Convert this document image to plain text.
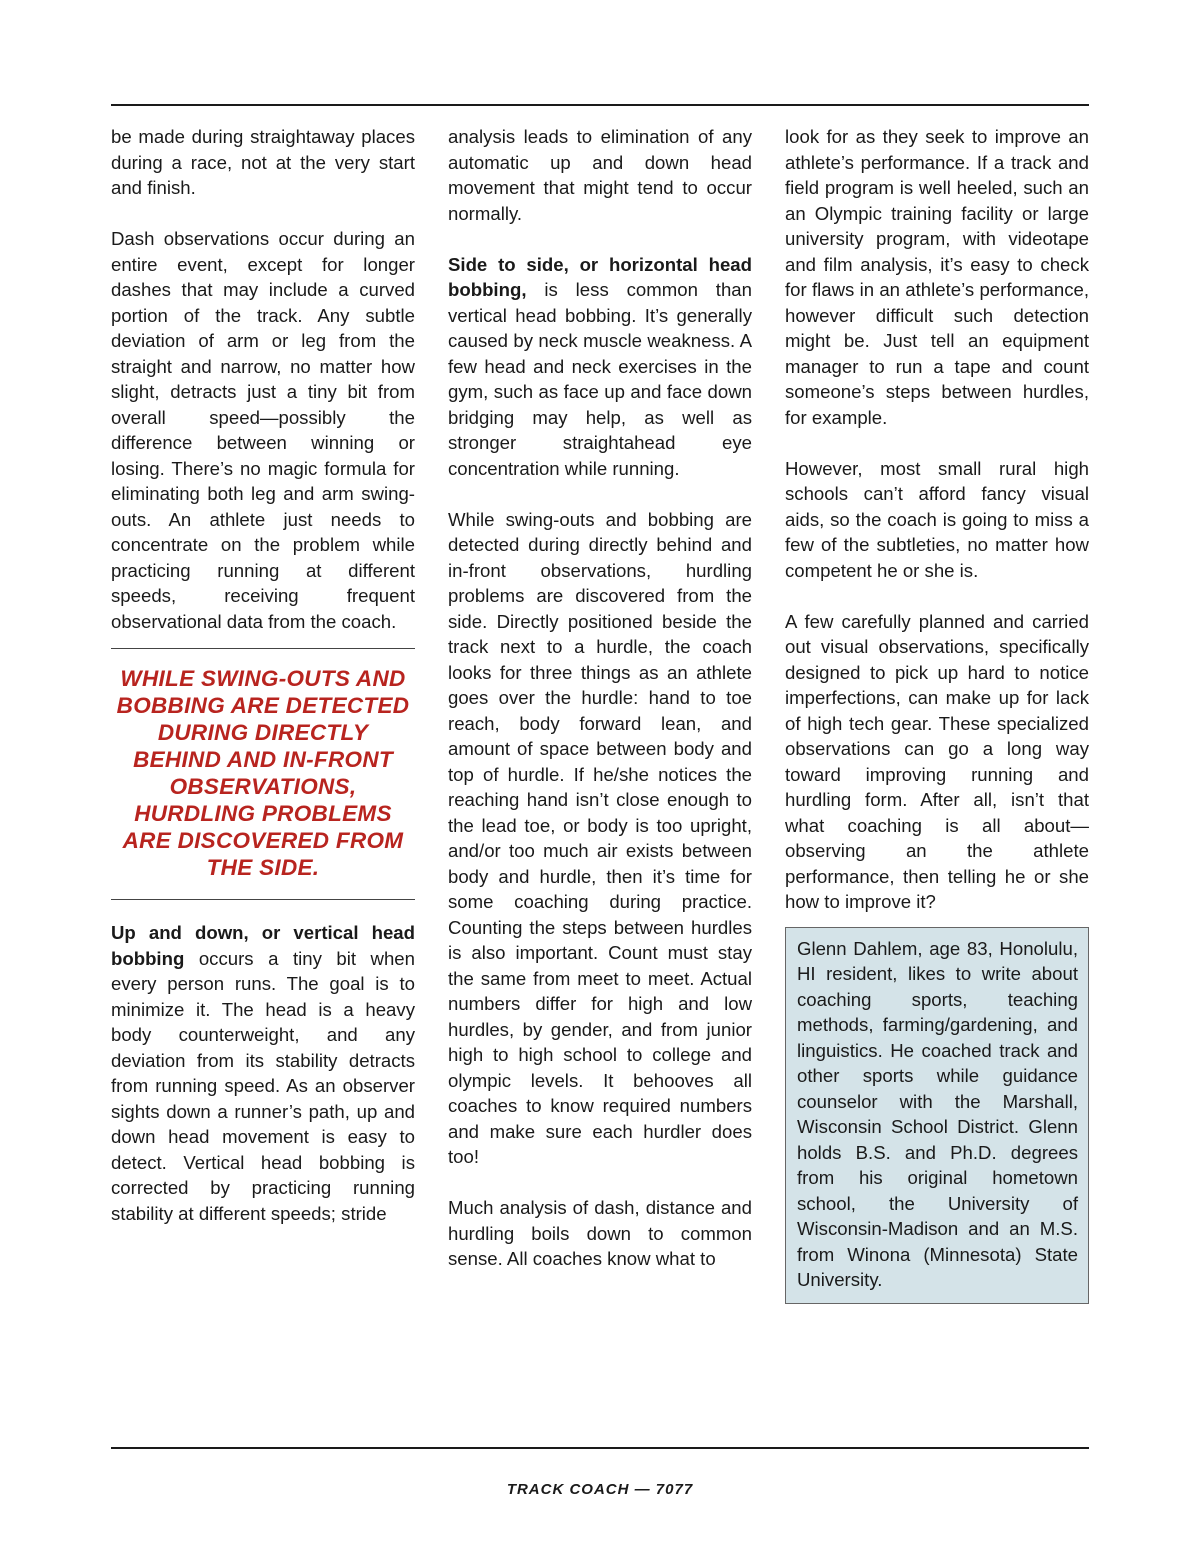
be made during straightaway places during a race, not at the very start and finish.

Dash observations occur during an entire event, except for longer dashes that may include a curved portion of the track. Any subtle deviation of arm or leg from the straight and narrow, no matter how slight, detracts just a tiny bit from overall speed—possibly the difference between winning or losing. There’s no magic formula for eliminating both leg and arm swing-outs. An athlete just needs to concentrate on the problem while practicing running at different speeds, receiving frequent observational data from the coach.

WHILE SWING-OUTS AND BOBBING ARE DETECTED DURING DIRECTLY BEHIND AND IN-FRONT OBSERVATIONS, HURDLING PROBLEMS ARE DISCOVERED FROM THE SIDE.

Up and down, or vertical head bobbing occurs a tiny bit when every person runs. The goal is to minimize it. The head is a heavy body counterweight, and any deviation from its stability detracts from running speed. As an observer sights down a runner’s path, up and down head movement is easy to detect. Vertical head bobbing is corrected by practicing running stability at different speeds; stride

analysis leads to elimination of any automatic up and down head movement that might tend to occur normally.

Side to side, or horizontal head bobbing, is less common than vertical head bobbing. It’s generally caused by neck muscle weakness. A few head and neck exercises in the gym, such as face up and face down bridging may help, as well as stronger straightahead eye concentration while running.

While swing-outs and bobbing are detected during directly behind and in-front observations, hurdling problems are discovered from the side. Directly positioned beside the track next to a hurdle, the coach looks for three things as an athlete goes over the hurdle: hand to toe reach, body forward lean, and amount of space between body and top of hurdle. If he/she notices the reaching hand isn’t close enough to the lead toe, or body is too upright, and/or too much air exists between body and hurdle, then it’s time for some coaching during practice. Counting the steps between hurdles is also important. Count must stay the same from meet to meet. Actual numbers differ for high and low hurdles, by gender, and from junior high to high school to college and olympic levels. It behooves all coaches to know required numbers and make sure each hurdler does too!

Much analysis of dash, distance and hurdling boils down to common sense. All coaches know what to

look for as they seek to improve an athlete’s performance. If a track and field program is well heeled, such an an Olympic training facility or large university program, with videotape and film analysis, it’s easy to check for flaws in an athlete’s performance, however difficult such detection might be. Just tell an equipment manager to run a tape and count someone’s steps between hurdles, for example.

However, most small rural high schools can’t afford fancy visual aids, so the coach is going to miss a few of the subtleties, no matter how competent he or she is.

A few carefully planned and carried out visual observations, specifically designed to pick up hard to notice imperfections, can make up for lack of high tech gear. These specialized observations can go a long way toward improving running and hurdling form. After all, isn’t that what coaching is all about—observing an the athlete performance, then telling he or she how to improve it?

Glenn Dahlem, age 83, Honolulu, HI resident, likes to write about coaching sports, teaching methods, farming/gardening, and linguistics. He coached track and other sports while guidance counselor with the Marshall, Wisconsin School District. Glenn holds B.S. and Ph.D. degrees from his original hometown school, the University of Wisconsin-Madison and an M.S. from Winona (Minnesota) State University.

TRACK COACH — 7077
